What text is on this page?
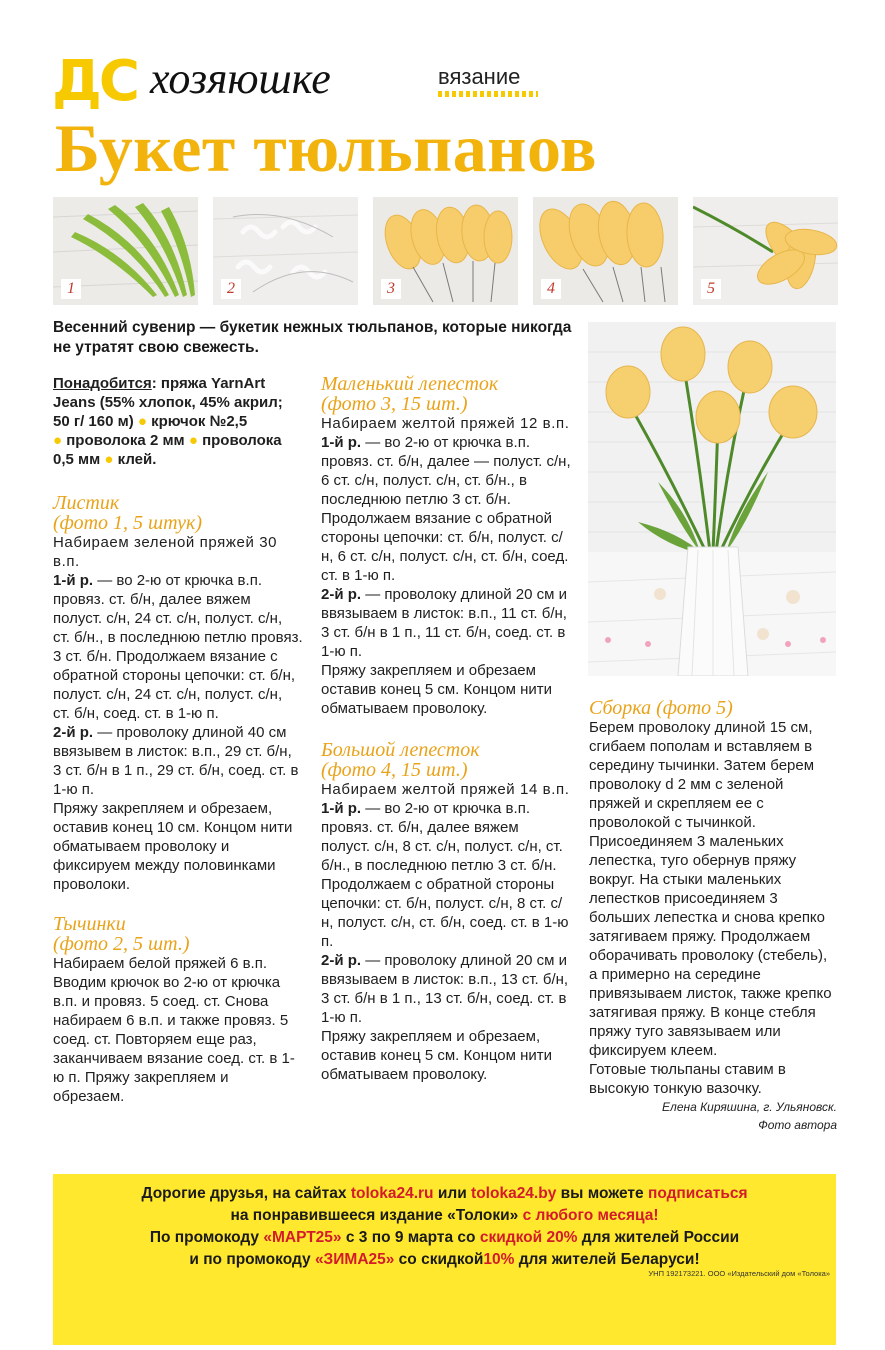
ДС хозяюшке	вязание
Букет тюльпанов
1	2	3	4	5
Весенний сувенир — букетик нежных тюльпанов, которые никогда не утратят свою свежесть.

Понадобится: пряжа YarnArt Jeans (55% хлопок, 45% акрил; 50 г/ 160 м) ● крючок №2,5
● проволока 2 мм ● проволока 0,5 мм ● клей.

Листик
(фото 1, 5 штук)

Набираем зеленой пряжей 30 в.п.

1-й р. — во 2-ю от крючка в.п. провяз. ст. б/н, далее вяжем полуст. с/н, 24 ст. с/н, полуст. с/н, ст. б/н., в последнюю петлю провяз. 3 ст. б/н. Продолжаем вязание с обратной стороны цепочки: ст. б/н, полуст. с/н, 24 ст. с/н, полуст. с/н, ст. б/н, соед. ст. в 1-ю п.

2-й р. — проволоку длиной 40 см ввязывем в листок: в.п., 29 ст. б/н, 3 ст. б/н в 1 п., 29 ст. б/н, соед. ст. в 1-ю п.

Пряжу закрепляем и обрезаем, оставив конец 10 см. Концом нити обматываем проволоку и фиксируем между половинками проволоки.

Тычинки
(фото 2, 5 шт.)

Набираем белой пряжей 6 в.п. Вводим крючок во 2-ю от крючка в.п. и провяз. 5 соед. ст. Снова набираем 6 в.п. и также провяз. 5 соед. ст. Повторяем еще раз, заканчиваем вязание соед. ст. в 1-ю п. Пряжу закрепляем и обрезаем.

Маленький лепесток
(фото 3, 15 шт.)

Набираем желтой пряжей 12 в.п.

1-й р. — во 2-ю от крючка в.п. провяз. ст. б/н, далее — полуст. с/н, 6 ст. с/н, полуст. с/н, ст. б/н., в последнюю петлю 3 ст. б/н. Продолжаем вязание с обратной стороны цепочки: ст. б/н, полуст. с/н, 6 ст. с/н, полуст. с/н, ст. б/н, соед. ст. в 1-ю п.

2-й р. — проволоку длиной 20 см и ввязываем в листок: в.п., 11 ст. б/н, 3 ст. б/н в 1 п., 11 ст. б/н, соед. ст. в 1-ю п.

Пряжу закрепляем и обрезаем оставив конец 5 см. Концом нити обматываем проволоку.

Большой лепесток
(фото 4, 15 шт.)

Набираем желтой пряжей 14 в.п.

1-й р. — во 2-ю от крючка в.п. провяз. ст. б/н, далее вяжем полуст. с/н, 8 ст. с/н, полуст. с/н, ст. б/н., в последнюю петлю 3 ст. б/н. Продолжаем с обратной стороны цепочки: ст. б/н, полуст. с/н, 8 ст. с/н, полуст. с/н, ст. б/н, соед. ст. в 1-ю п.

2-й р. — проволоку длиной 20 см и ввязываем в листок: в.п., 13 ст. б/н, 3 ст. б/н в 1 п., 13 ст. б/н, соед. ст. в 1-ю п.

Пряжу закрепляем и обрезаем, оставив конец 5 см. Концом нити обматываем проволоку.

Сборка (фото 5)

Берем проволоку длиной 15 см, сгибаем пополам и вставляем в середину тычинки. Затем берем проволоку d 2 мм с зеленой пряжей и скрепляем ее с проволокой с тычинкой. Присоединяем 3 маленьких лепестка, туго обернув пряжу вокруг. На стыки маленьких лепестков присоединяем 3 больших лепестка и снова крепко затягиваем пряжу. Продолжаем оборачивать проволоку (стебель), а примерно на середине привязываем листок, также крепко затягивая пряжу. В конце стебля пряжу туго завязываем или фиксируем клеем.

Готовые тюльпаны ставим в высокую тонкую вазочку.

Елена Киряшина, г. Ульяновск.

Фото автора

Дорогие друзья, на сайтах toloka24.ru или toloka24.by вы можете подписаться
на понравившееся издание «Толоки» с любого месяца!
По промокоду «МАРТ25» с 3 по 9 марта со скидкой 20% для жителей России
и по промокоду «ЗИМА25» со скидкой10% для жителей Беларуси!
УНП 192173221. ООО «Издательский дом «Толока»
